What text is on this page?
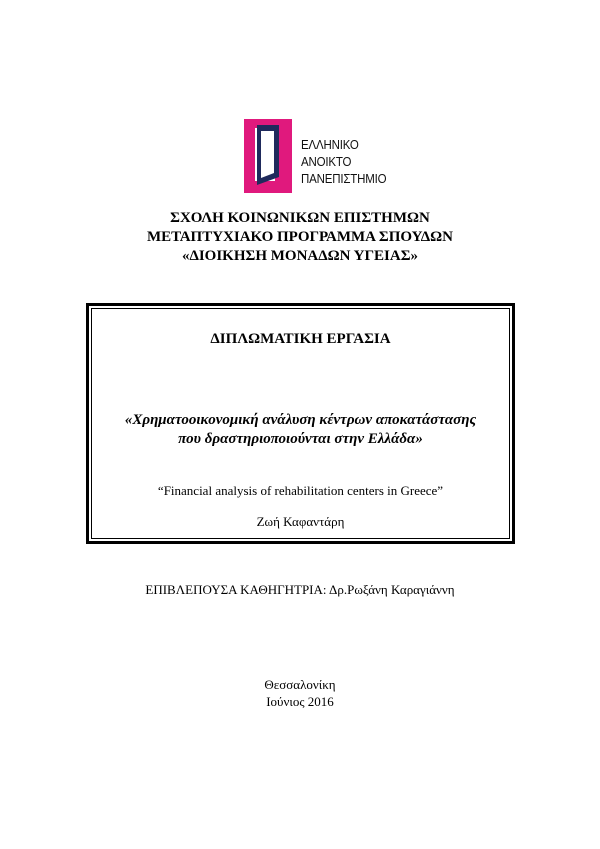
ΕΛΛΗΝΙΚΟ
ΑΝΟΙΚΤΟ
ΠΑΝΕΠΙΣΤΗΜΙΟ
ΣΧΟΛΗ ΚΟΙΝΩΝΙΚΩΝ ΕΠΙΣΤΗΜΩΝ
ΜΕΤΑΠΤΥΧΙΑΚΟ ΠΡΟΓΡΑΜΜΑ ΣΠΟΥΔΩΝ
«ΔΙΟΙΚΗΣΗ ΜΟΝΑΔΩΝ ΥΓΕΙΑΣ»
ΔΙΠΛΩΜΑΤΙΚΗ ΕΡΓΑΣΙΑ
«Χρηματοοικονομική ανάλυση κέντρων αποκατάστασης
που δραστηριοποιούνται στην Ελλάδα»
“Financial analysis of rehabilitation centers in Greece”
Ζωή Καφαντάρη
ΕΠΙΒΛΕΠΟΥΣΑ ΚΑΘΗΓΗΤΡΙΑ: Δρ.Ρωξάνη Καραγιάννη
Θεσσαλονίκη
Ιούνιος 2016
